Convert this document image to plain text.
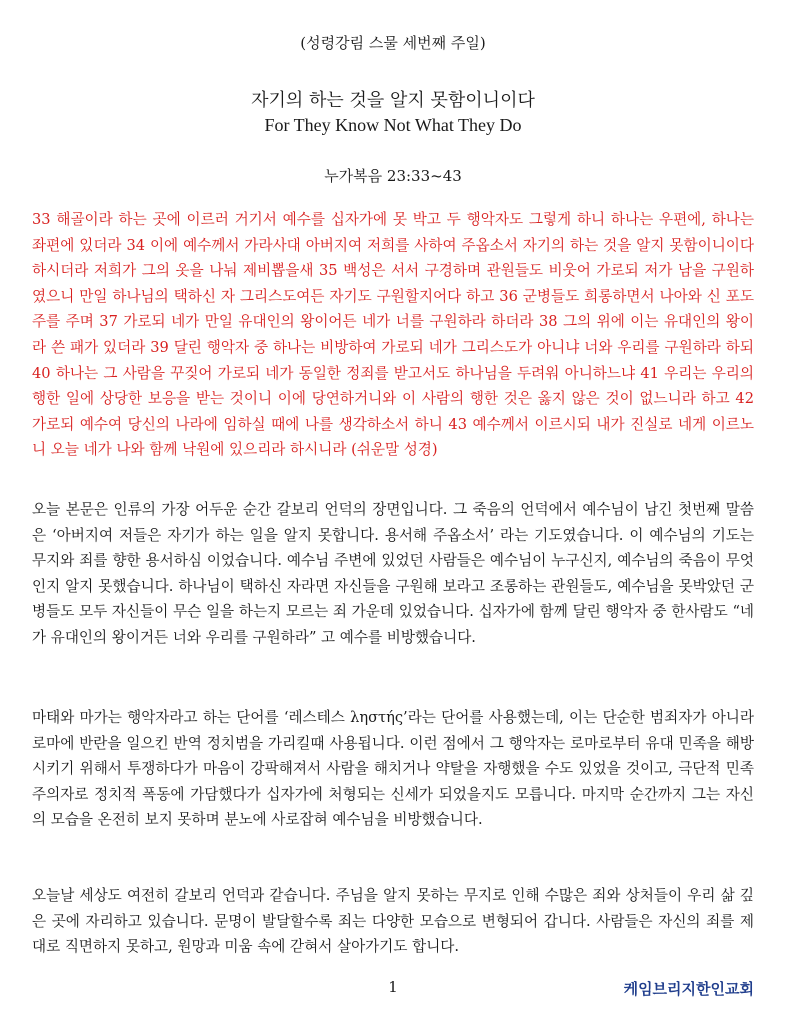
(성령강림 스물 세번째 주일)
자기의 하는 것을 알지 못함이니이다
For They Know Not What They Do
누가복음 23:33~43

33 해골이라 하는 곳에 이르러 거기서 예수를 십자가에 못 박고 두 행악자도 그렇게 하니 하나는 우편에, 하나는 좌편에 있더라 34 이에 예수께서 가라사대 아버지여 저희를 사하여 주옵소서 자기의 하는 것을 알지 못함이니이다 하시더라 저희가 그의 옷을 나눠 제비뽑을새 35 백성은 서서 구경하며 관원들도 비웃어 가로되 저가 남을 구원하였으니 만일 하나님의 택하신 자 그리스도여든 자기도 구원할지어다 하고 36 군병들도 희롱하면서 나아와 신 포도주를 주며 37 가로되 네가 만일 유대인의 왕이어든 네가 너를 구원하라 하더라 38 그의 위에 이는 유대인의 왕이라 쓴 패가 있더라 39 달린 행악자 중 하나는 비방하여 가로되 네가 그리스도가 아니냐 너와 우리를 구원하라 하되 40 하나는 그 사람을 꾸짖어 가로되 네가 동일한 정죄를 받고서도 하나님을 두려워 아니하느냐 41 우리는 우리의 행한 일에 상당한 보응을 받는 것이니 이에 당연하거니와 이 사람의 행한 것은 옳지 않은 것이 없느니라 하고 42 가로되 예수여 당신의 나라에 임하실 때에 나를 생각하소서 하니 43 예수께서 이르시되 내가 진실로 네게 이르노니 오늘 네가 나와 함께 낙원에 있으리라 하시니라 (쉬운말 성경)

오늘 본문은 인류의 가장 어두운 순간 갈보리 언덕의 장면입니다. 그 죽음의 언덕에서 예수님이 남긴 첫번째 말씀은 ‘아버지여 저들은 자기가 하는 일을 알지 못합니다. 용서해 주옵소서’ 라는 기도였습니다. 이 예수님의 기도는 무지와 죄를 향한 용서하심 이었습니다. 예수님 주변에 있었던 사람들은 예수님이 누구신지, 예수님의 죽음이 무엇인지 알지 못했습니다. 하나님이 택하신 자라면 자신들을 구원해 보라고 조롱하는 관원들도, 예수님을 못박았던 군병들도 모두 자신들이 무슨 일을 하는지 모르는 죄 가운데 있었습니다. 십자가에 함께 달린 행악자 중 한사람도 “네가 유대인의 왕이거든 너와 우리를 구원하라” 고 예수를 비방했습니다.

마태와 마가는 행악자라고 하는 단어를 ‘레스테스 ληστής’라는 단어를 사용했는데, 이는 단순한 범죄자가 아니라 로마에 반란을 일으킨 반역 정치범을 가리킬때 사용됩니다. 이런 점에서 그 행악자는 로마로부터 유대 민족을 해방시키기 위해서 투쟁하다가 마음이 강팍해져서 사람을 해치거나 약탈을 자행했을 수도 있었을 것이고, 극단적 민족주의자로 정치적 폭동에 가담했다가 십자가에 처형되는 신세가 되었을지도 모릅니다. 마지막 순간까지 그는 자신의 모습을 온전히 보지 못하며 분노에 사로잡혀 예수님을 비방했습니다.

오늘날 세상도 여전히 갈보리 언덕과 같습니다. 주님을 알지 못하는 무지로 인해 수많은 죄와 상처들이 우리 삶 깊은 곳에 자리하고 있습니다. 문명이 발달할수록 죄는 다양한 모습으로 변형되어 갑니다. 사람들은 자신의 죄를 제대로 직면하지 못하고, 원망과 미움 속에 갇혀서 살아가기도 합니다.

1	케임브리지한인교회
